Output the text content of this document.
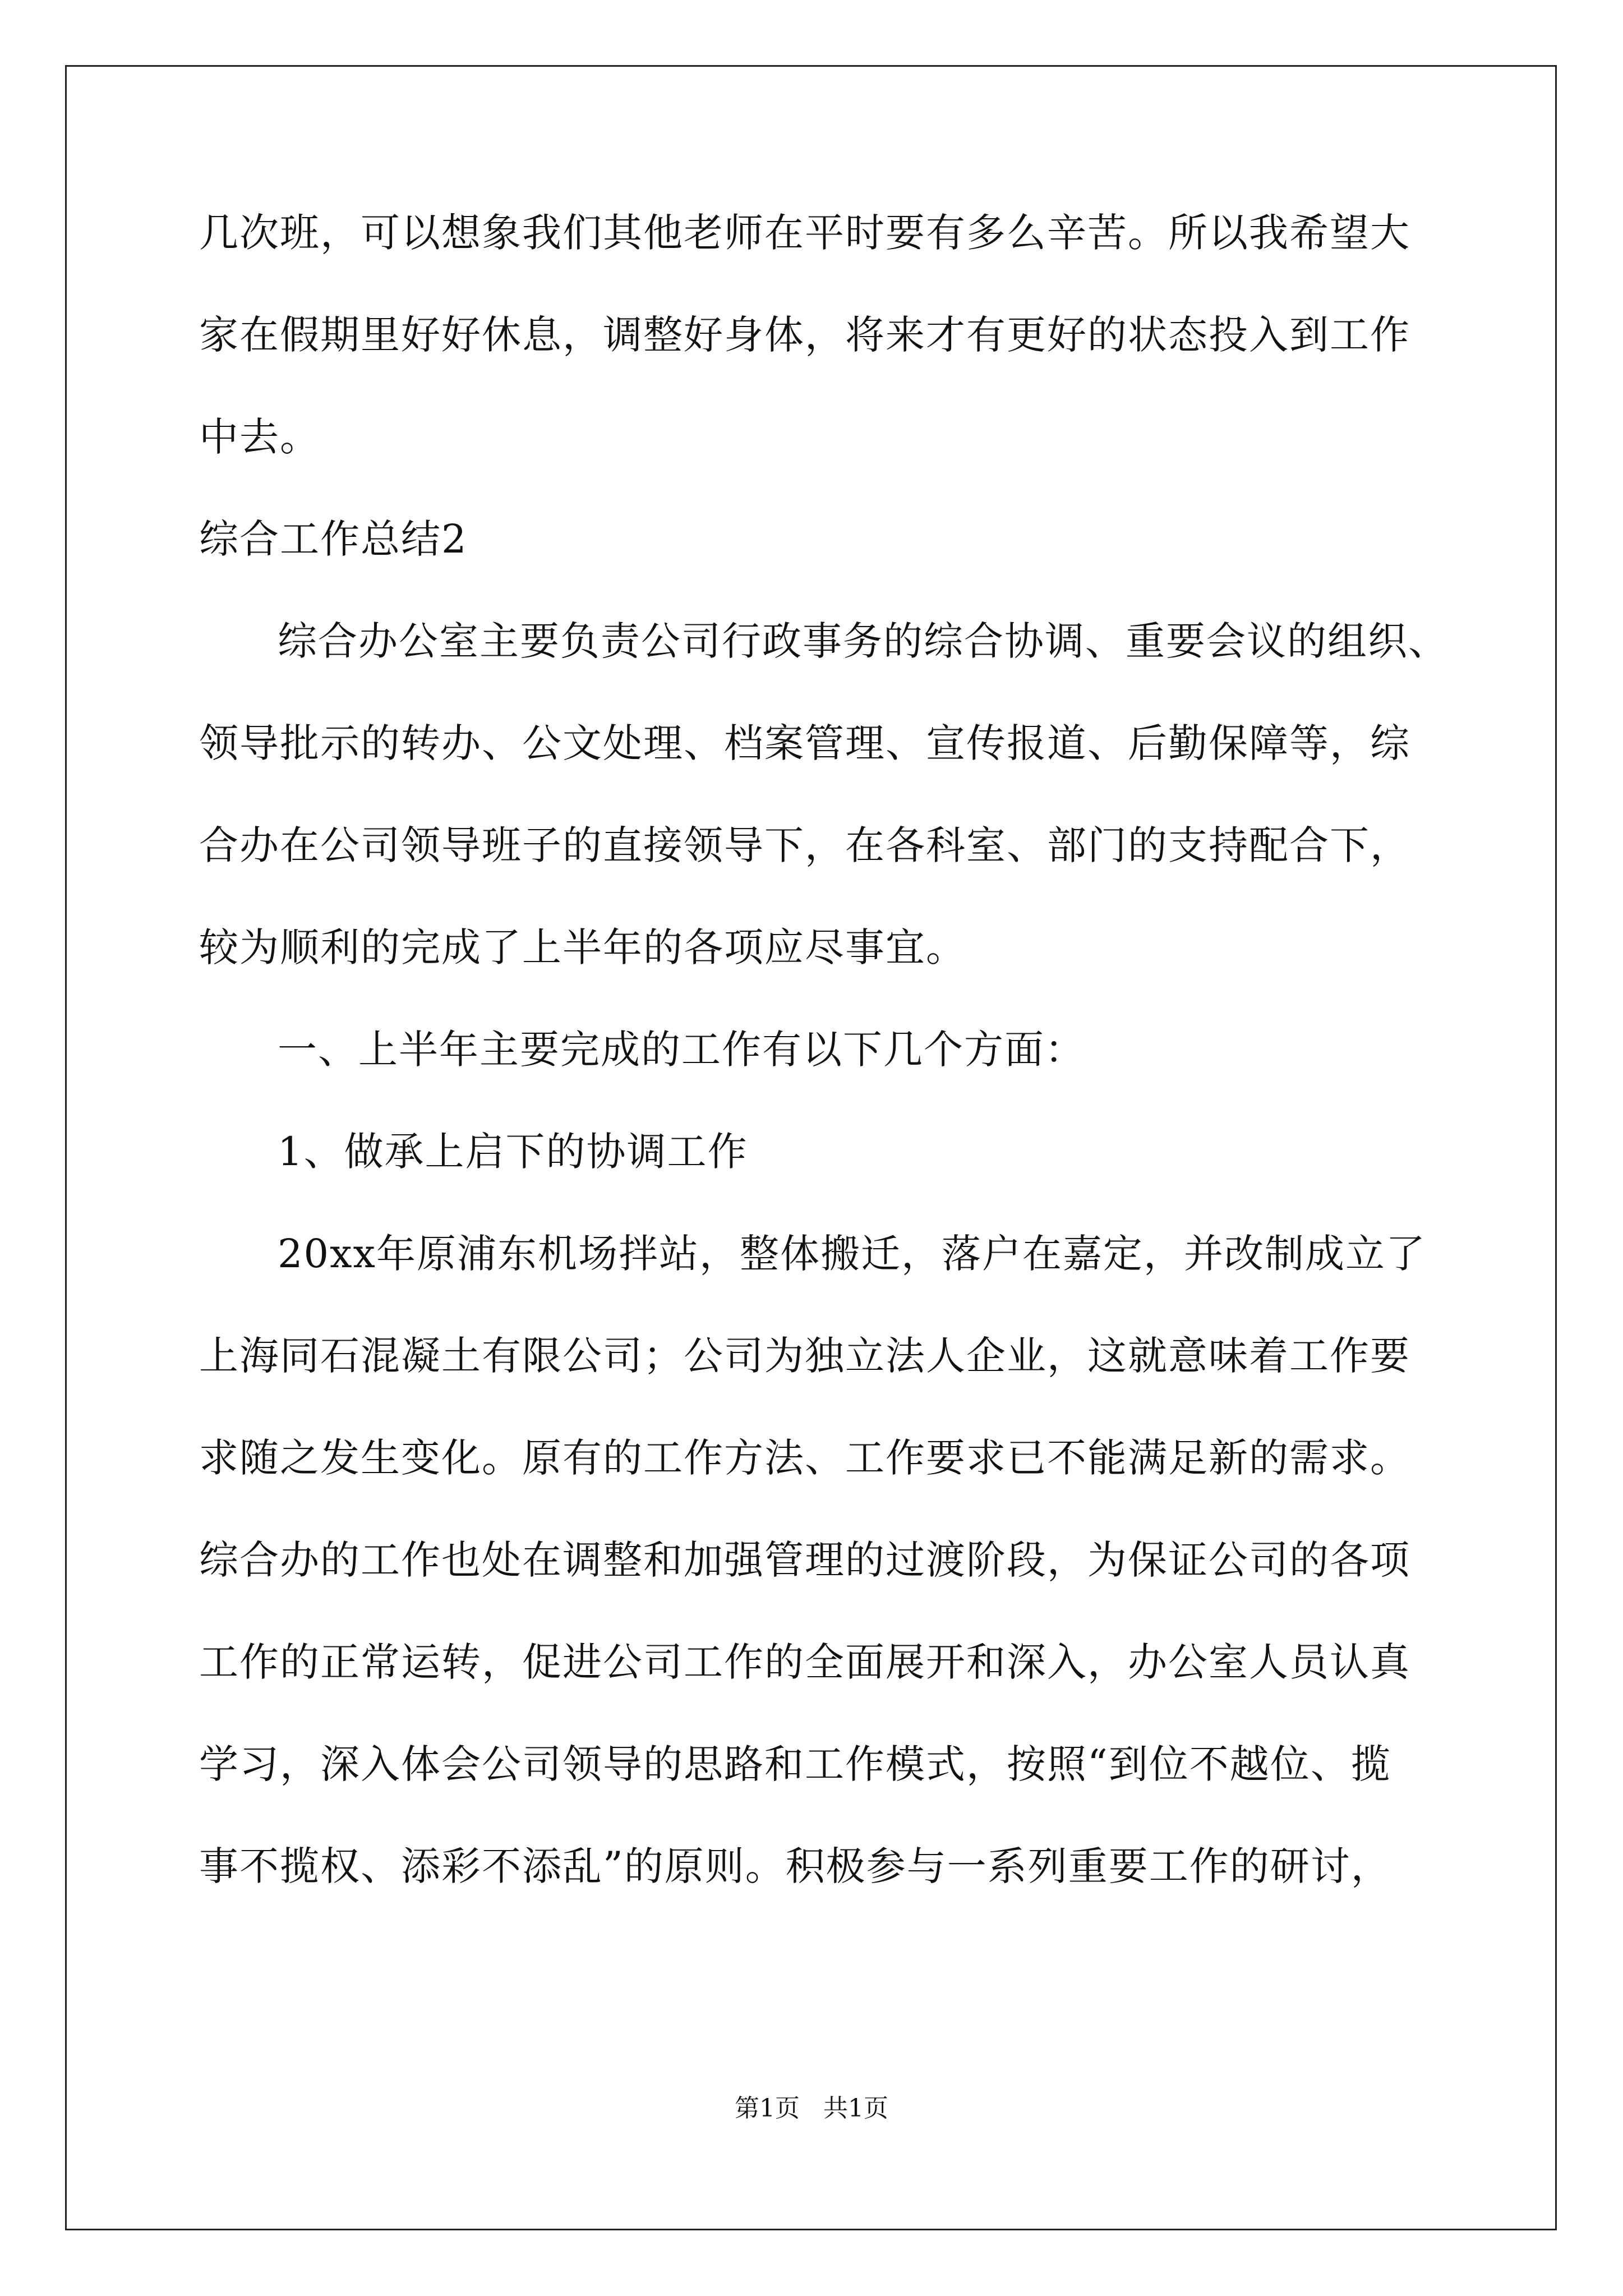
几次班，可以想象我们其他老师在平时要有多么辛苦。所以我希望大
家在假期里好好休息，调整好身体，将来才有更好的状态投入到工作
中去。
综合工作总结2
综合办公室主要负责公司行政事务的综合协调、重要会议的组织、
领导批示的转办、公文处理、档案管理、宣传报道、后勤保障等，综
合办在公司领导班子的直接领导下，在各科室、部门的支持配合下，
较为顺利的完成了上半年的各项应尽事宜。
一、上半年主要完成的工作有以下几个方面：
1、做承上启下的协调工作
20xx年原浦东机场拌站，整体搬迁，落户在嘉定，并改制成立了
上海同石混凝土有限公司；公司为独立法人企业，这就意味着工作要
求随之发生变化。原有的工作方法、工作要求已不能满足新的需求。
综合办的工作也处在调整和加强管理的过渡阶段，为保证公司的各项
工作的正常运转，促进公司工作的全面展开和深入，办公室人员认真
学习，深入体会公司领导的思路和工作模式，按照“到位不越位、揽
事不揽权、添彩不添乱”的原则。积极参与一系列重要工作的研讨，
第1页   共1页
